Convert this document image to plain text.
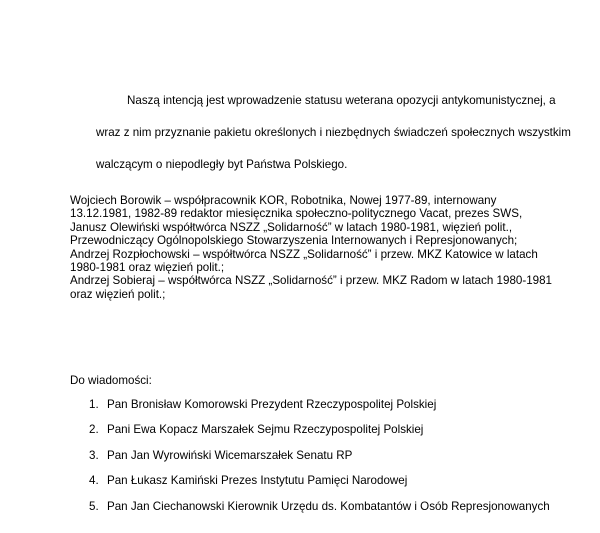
Naszą intencją jest wprowadzenie statusu weterana opozycji antykomunistycznej, a
wraz z nim przyznanie pakietu określonych i niezbędnych świadczeń społecznych wszystkim
walczącym o niepodległy byt Państwa Polskiego.
Wojciech Borowik – współpracownik KOR, Robotnika, Nowej 1977-89, internowany
13.12.1981, 1982-89 redaktor miesięcznika społeczno-politycznego Vacat, prezes SWS,
Janusz Olewiński współtwórca NSZZ „Solidarność” w latach 1980-1981, więzień polit.,
Przewodniczący Ogólnopolskiego Stowarzyszenia Internowanych i Represjonowanych;
Andrzej Rozpłochowski – współtwórca NSZZ „Solidarność” i przew. MKZ Katowice w latach
1980-1981 oraz więzień polit.;
Andrzej Sobieraj – współtwórca NSZZ „Solidarność” i przew. MKZ Radom w latach 1980-1981
oraz więzień polit.;
Do wiadomości:
1. Pan Bronisław Komorowski Prezydent Rzeczypospolitej Polskiej
2. Pani Ewa Kopacz Marszałek Sejmu Rzeczypospolitej Polskiej
3. Pan Jan Wyrowiński Wicemarszałek Senatu RP
4. Pan Łukasz Kamiński Prezes Instytutu Pamięci Narodowej
5. Pan Jan Ciechanowski Kierownik Urzędu ds. Kombatantów i Osób Represjonowanych
